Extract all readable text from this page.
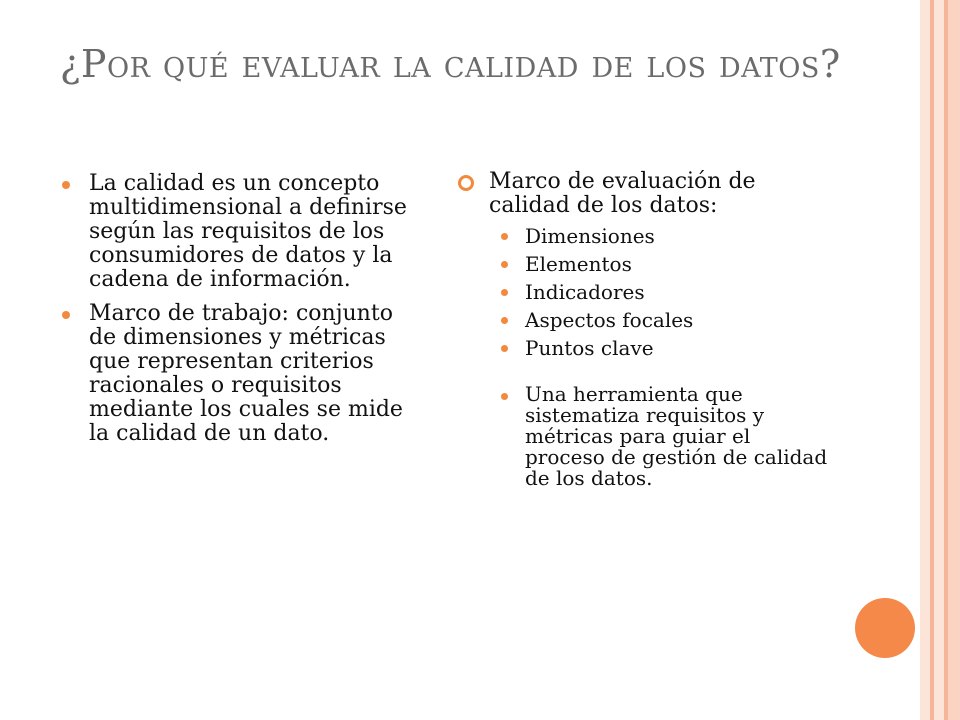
¿Por qué evaluar la calidad de los datos?
La calidad es un concepto multidimensional a definirse según las requisitos de los consumidores de datos y la cadena de información.
Marco de trabajo: conjunto de dimensiones y métricas que representan criterios racionales o requisitos mediante los cuales se mide la calidad de un dato.
Marco de evaluación de calidad de los datos:
Dimensiones
Elementos
Indicadores
Aspectos focales
Puntos clave
Una herramienta que sistematiza requisitos y métricas para guiar el proceso de gestión de calidad de los datos.
